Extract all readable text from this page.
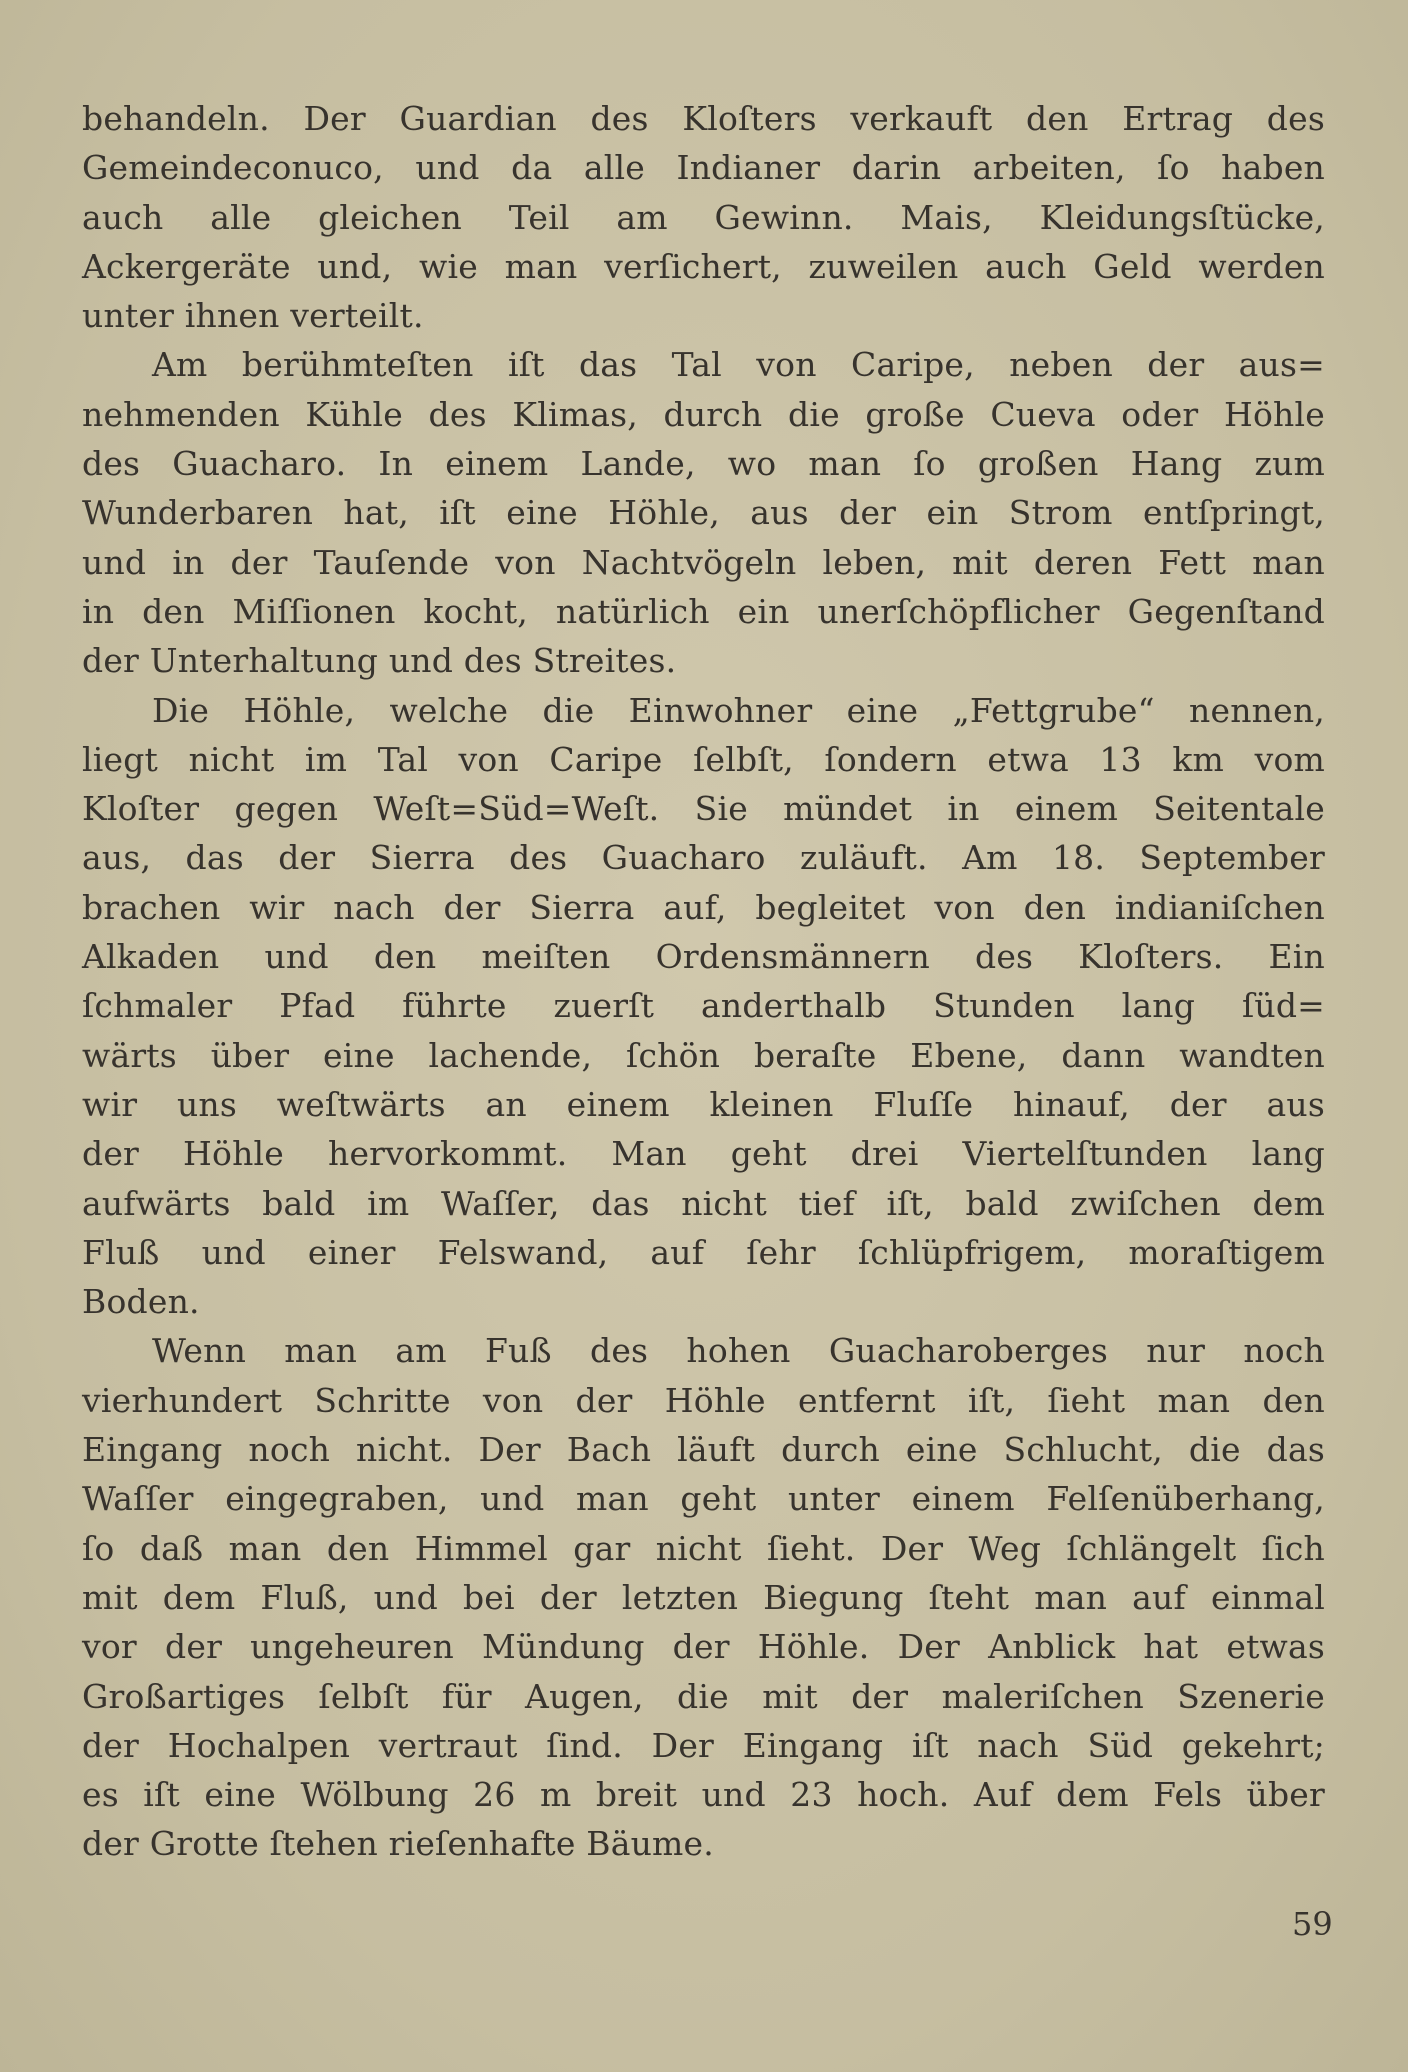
behandeln. Der Guardian des Kloſters verkauft den Ertrag des
Gemeindeconuco, und da alle Indianer darin arbeiten, ſo haben
auch alle gleichen Teil am Gewinn. Mais, Kleidungsſtücke,
Ackergeräte und, wie man verſichert, zuweilen auch Geld werden
unter ihnen verteilt.
Am berühmteſten iſt das Tal von Caripe, neben der aus=
nehmenden Kühle des Klimas, durch die große Cueva oder Höhle
des Guacharo. In einem Lande, wo man ſo großen Hang zum
Wunderbaren hat, iſt eine Höhle, aus der ein Strom entſpringt,
und in der Tauſende von Nachtvögeln leben, mit deren Fett man
in den Miſſionen kocht, natürlich ein unerſchöpflicher Gegenſtand
der Unterhaltung und des Streites.
Die Höhle, welche die Einwohner eine „Fettgrube“ nennen,
liegt nicht im Tal von Caripe ſelbſt, ſondern etwa 13 km vom
Kloſter gegen Weſt=Süd=Weſt. Sie mündet in einem Seitentale
aus, das der Sierra des Guacharo zuläuft. Am 18. September
brachen wir nach der Sierra auf, begleitet von den indianiſchen
Alkaden und den meiſten Ordensmännern des Kloſters. Ein
ſchmaler Pfad führte zuerſt anderthalb Stunden lang ſüd=
wärts über eine lachende, ſchön beraſte Ebene, dann wandten
wir uns weſtwärts an einem kleinen Fluſſe hinauf, der aus
der Höhle hervorkommt. Man geht drei Viertelſtunden lang
aufwärts bald im Waſſer, das nicht tief iſt, bald zwiſchen dem
Fluß und einer Felswand, auf ſehr ſchlüpfrigem, moraſtigem
Boden.
Wenn man am Fuß des hohen Guacharoberges nur noch
vierhundert Schritte von der Höhle entfernt iſt, ſieht man den
Eingang noch nicht. Der Bach läuft durch eine Schlucht, die das
Waſſer eingegraben, und man geht unter einem Felſenüberhang,
ſo daß man den Himmel gar nicht ſieht. Der Weg ſchlängelt ſich
mit dem Fluß, und bei der letzten Biegung ſteht man auf einmal
vor der ungeheuren Mündung der Höhle. Der Anblick hat etwas
Großartiges ſelbſt für Augen, die mit der maleriſchen Szenerie
der Hochalpen vertraut ſind. Der Eingang iſt nach Süd gekehrt;
es iſt eine Wölbung 26 m breit und 23 hoch. Auf dem Fels über
der Grotte ſtehen rieſenhafte Bäume.
59
